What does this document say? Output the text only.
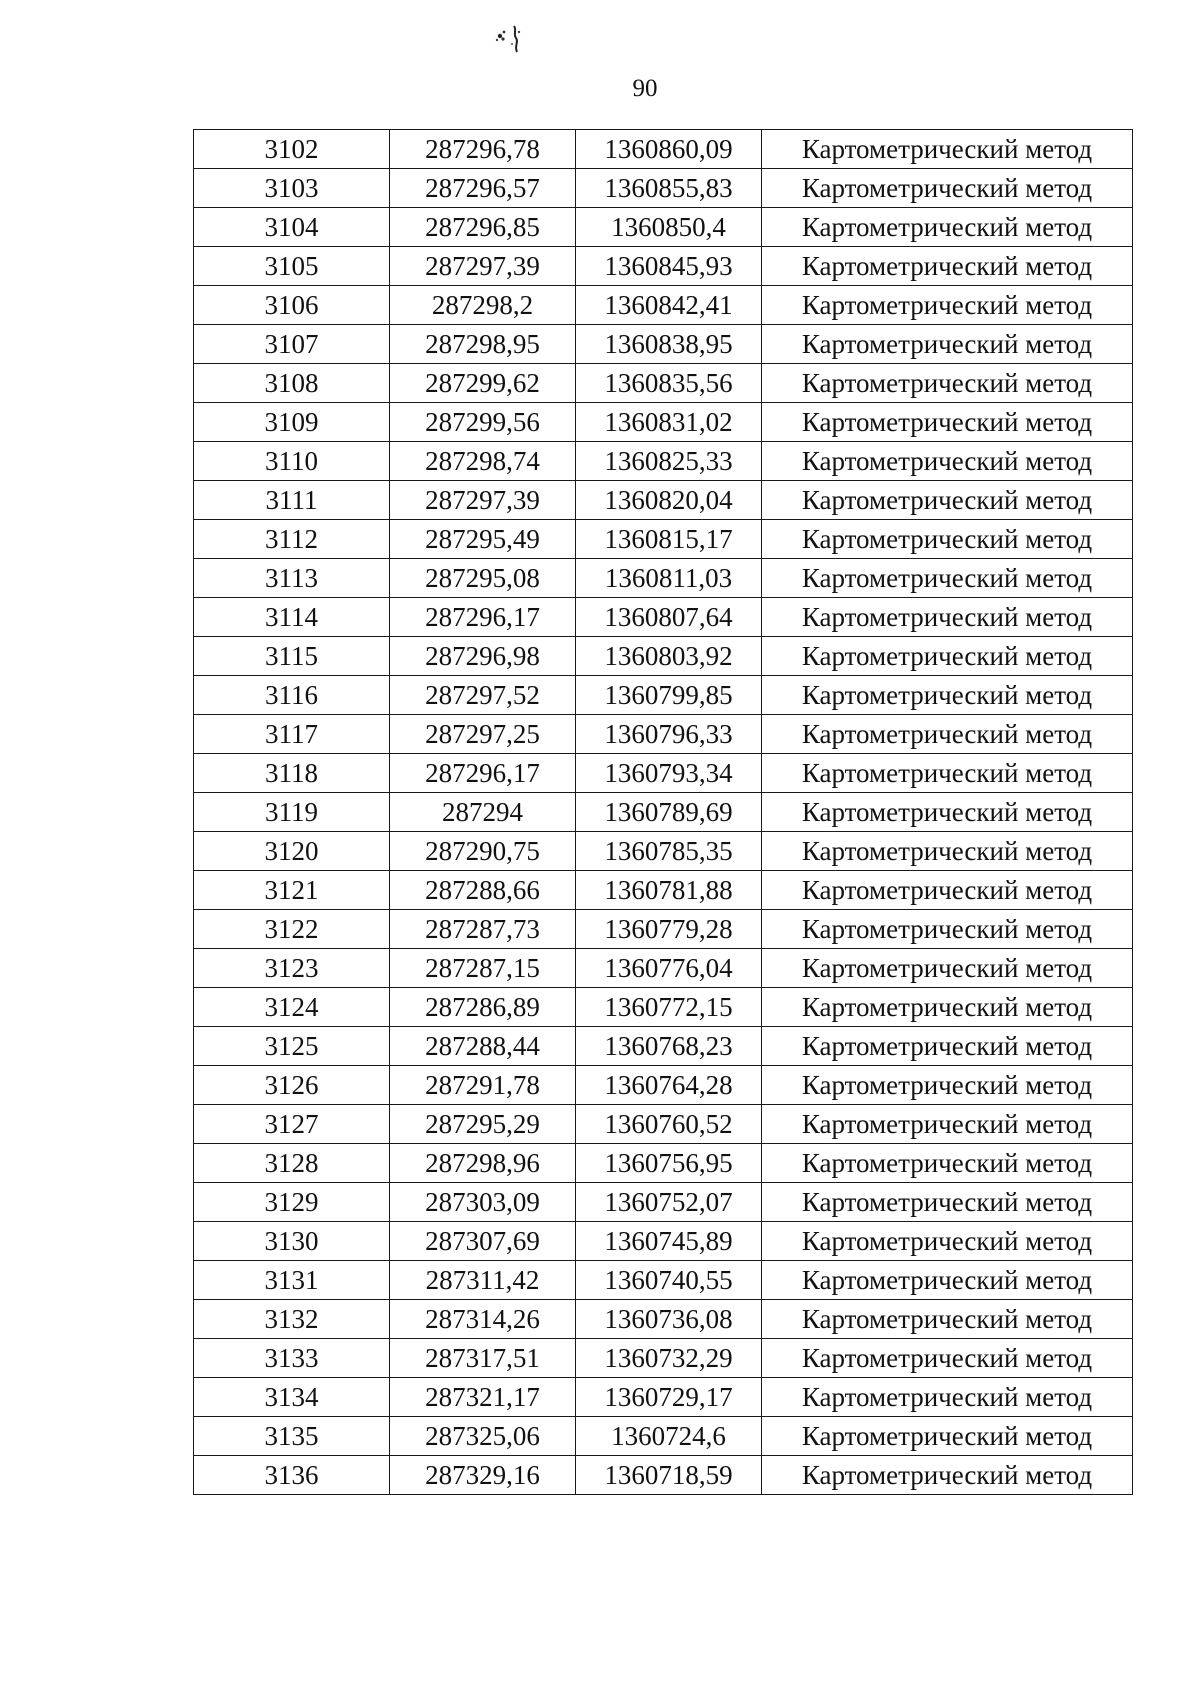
90
3102	287296,78	1360860,09	Картометрический метод
3103	287296,57	1360855,83	Картометрический метод
3104	287296,85	1360850,4	Картометрический метод
3105	287297,39	1360845,93	Картометрический метод
3106	287298,2	1360842,41	Картометрический метод
3107	287298,95	1360838,95	Картометрический метод
3108	287299,62	1360835,56	Картометрический метод
3109	287299,56	1360831,02	Картометрический метод
3110	287298,74	1360825,33	Картометрический метод
3111	287297,39	1360820,04	Картометрический метод
3112	287295,49	1360815,17	Картометрический метод
3113	287295,08	1360811,03	Картометрический метод
3114	287296,17	1360807,64	Картометрический метод
3115	287296,98	1360803,92	Картометрический метод
3116	287297,52	1360799,85	Картометрический метод
3117	287297,25	1360796,33	Картометрический метод
3118	287296,17	1360793,34	Картометрический метод
3119	287294	1360789,69	Картометрический метод
3120	287290,75	1360785,35	Картометрический метод
3121	287288,66	1360781,88	Картометрический метод
3122	287287,73	1360779,28	Картометрический метод
3123	287287,15	1360776,04	Картометрический метод
3124	287286,89	1360772,15	Картометрический метод
3125	287288,44	1360768,23	Картометрический метод
3126	287291,78	1360764,28	Картометрический метод
3127	287295,29	1360760,52	Картометрический метод
3128	287298,96	1360756,95	Картометрический метод
3129	287303,09	1360752,07	Картометрический метод
3130	287307,69	1360745,89	Картометрический метод
3131	287311,42	1360740,55	Картометрический метод
3132	287314,26	1360736,08	Картометрический метод
3133	287317,51	1360732,29	Картометрический метод
3134	287321,17	1360729,17	Картометрический метод
3135	287325,06	1360724,6	Картометрический метод
3136	287329,16	1360718,59	Картометрический метод
